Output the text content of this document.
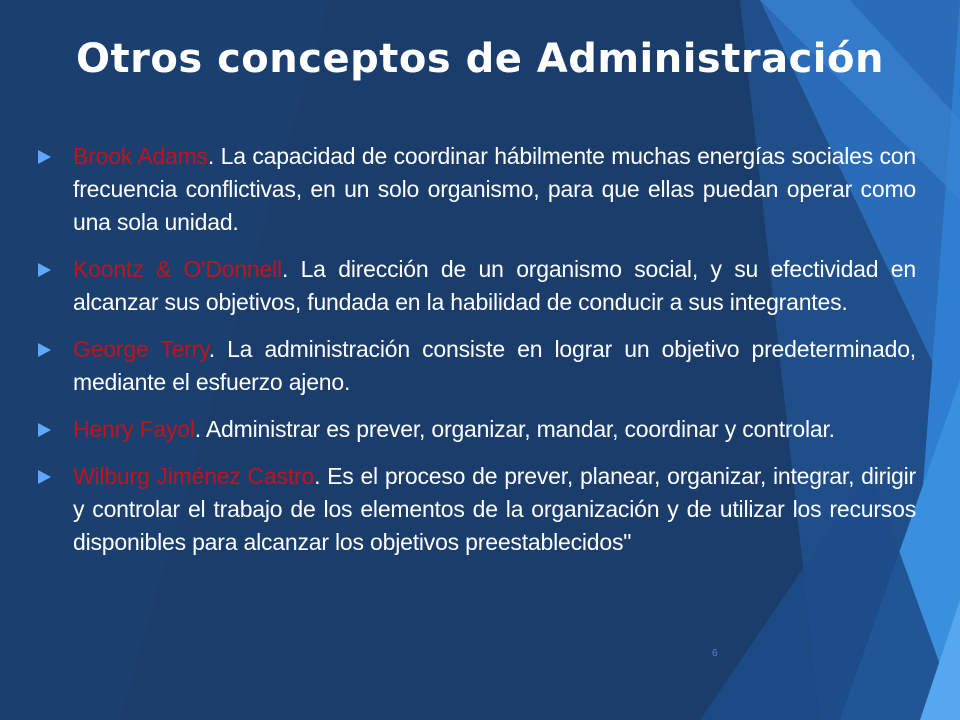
Otros conceptos de Administración
Brook Adams. La capacidad de coordinar hábilmente muchas energías sociales con frecuencia conflictivas, en un solo organismo, para que ellas puedan operar como una sola unidad.
Koontz & O'Donnell. La dirección de un organismo social, y su efectividad en alcanzar sus objetivos, fundada en la habilidad de conducir a sus integrantes.
George Terry. La administración consiste en lograr un objetivo predeterminado, mediante el esfuerzo ajeno.
Henry Fayol. Administrar es prever, organizar, mandar, coordinar y controlar.
Wilburg Jiménez Castro. Es el proceso de prever, planear, organizar, integrar, dirigir y controlar el trabajo de los elementos de la organización y de utilizar los recursos disponibles para alcanzar los objetivos preestablecidos"
6
